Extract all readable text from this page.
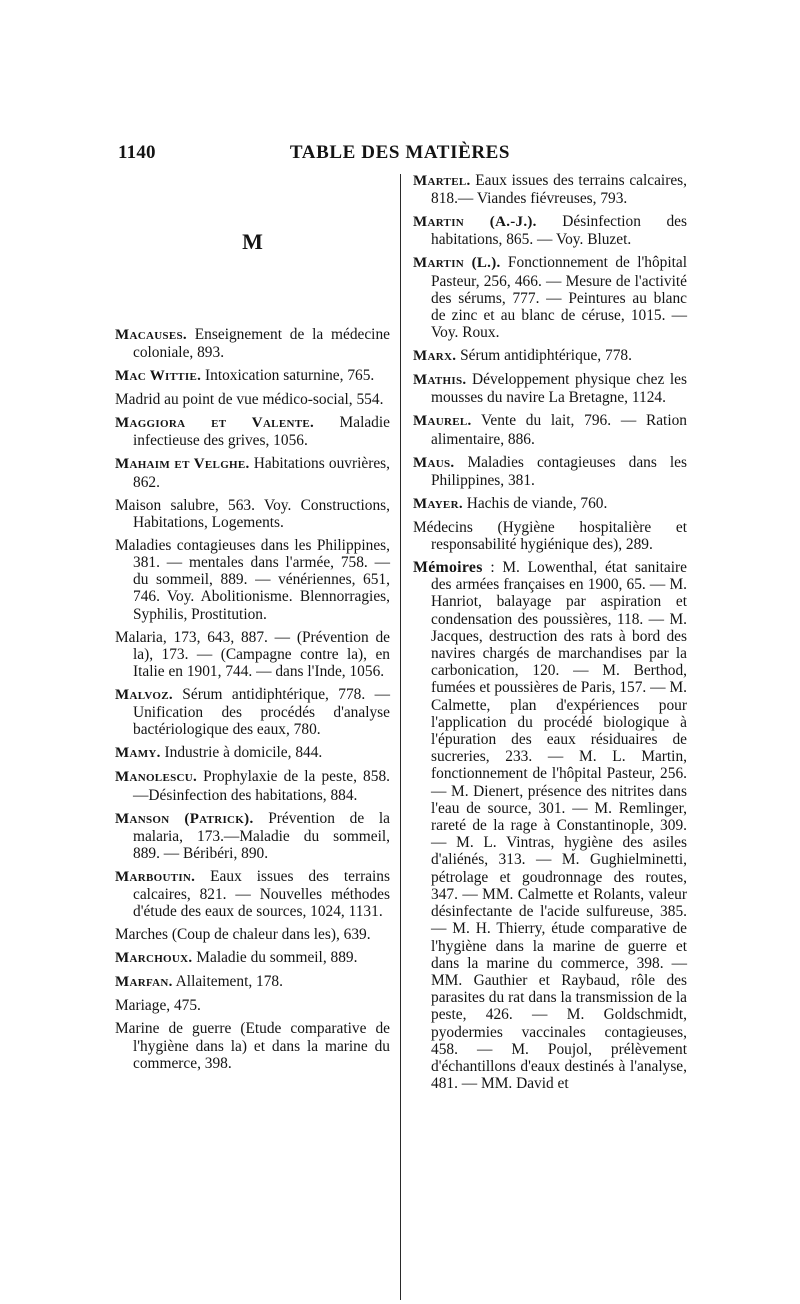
1140	TABLE DES MATIÈRES
M
Macauses. Enseignement de la médecine coloniale, 893.
Mac Wittie. Intoxication saturnine, 765.
Madrid au point de vue médico-social, 554.
Maggiora et Valente. Maladie infectieuse des grives, 1056.
Mahaim et Velghe. Habitations ouvrières, 862.
Maison salubre, 563. Voy. Constructions, Habitations, Logements.
Maladies contagieuses dans les Philippines, 381. — mentales dans l'armée, 758. — du sommeil, 889. — vénériennes, 651, 746. Voy. Abolitionisme. Blennorragies, Syphilis, Prostitution.
Malaria, 173, 643, 887. — (Prévention de la), 173. — (Campagne contre la), en Italie en 1901, 744. — dans l'Inde, 1056.
Malvoz. Sérum antidiphtérique, 778. — Unification des procédés d'analyse bactériologique des eaux, 780.
Mamy. Industrie à domicile, 844.
Manolescu. Prophylaxie de la peste, 858.—Désinfection des habitations, 884.
Manson (Patrick). Prévention de la malaria, 173.—Maladie du sommeil, 889. — Béribéri, 890.
Marboutin. Eaux issues des terrains calcaires, 821. — Nouvelles méthodes d'étude des eaux de sources, 1024, 1131.
Marches (Coup de chaleur dans les), 639.
Marchoux. Maladie du sommeil, 889.
Marfan. Allaitement, 178.
Mariage, 475.
Marine de guerre (Etude comparative de l'hygiène dans la) et dans la marine du commerce, 398.
Martel. Eaux issues des terrains calcaires, 818.— Viandes fiévreuses, 793.
Martin (A.-J.). Désinfection des habitations, 865. — Voy. Bluzet.
Martin (L.). Fonctionnement de l'hôpital Pasteur, 256, 466. — Mesure de l'activité des sérums, 777. — Peintures au blanc de zinc et au blanc de céruse, 1015. — Voy. Roux.
Marx. Sérum antidiphtérique, 778.
Mathis. Développement physique chez les mousses du navire La Bretagne, 1124.
Maurel. Vente du lait, 796. — Ration alimentaire, 886.
Maus. Maladies contagieuses dans les Philippines, 381.
Mayer. Hachis de viande, 760.
Médecins (Hygiène hospitalière et responsabilité hygiénique des), 289.
Mémoires : M. Lowenthal, état sanitaire des armées françaises en 1900, 65. — M. Hanriot, balayage par aspiration et condensation des poussières, 118. — M. Jacques, destruction des rats à bord des navires chargés de marchandises par la carbonication, 120. — M. Berthod, fumées et poussières de Paris, 157. — M. Calmette, plan d'expériences pour l'application du procédé biologique à l'épuration des eaux résiduaires de sucreries, 233. — M. L. Martin, fonctionnement de l'hôpital Pasteur, 256. — M. Dienert, présence des nitrites dans l'eau de source, 301. — M. Remlinger, rareté de la rage à Constantinople, 309. — M. L. Vintras, hygiène des asiles d'aliénés, 313. — M. Gughielminetti, pétrolage et goudronnage des routes, 347. — MM. Calmette et Rolants, valeur désinfectante de l'acide sulfureuse, 385. — M. H. Thierry, étude comparative de l'hygiène dans la marine de guerre et dans la marine du commerce, 398. — MM. Gauthier et Raybaud, rôle des parasites du rat dans la transmission de la peste, 426. — M. Goldschmidt, pyodermies vaccinales contagieuses, 458. — M. Poujol, prélèvement d'échantillons d'eaux destinés à l'analyse, 481. — MM. David et
